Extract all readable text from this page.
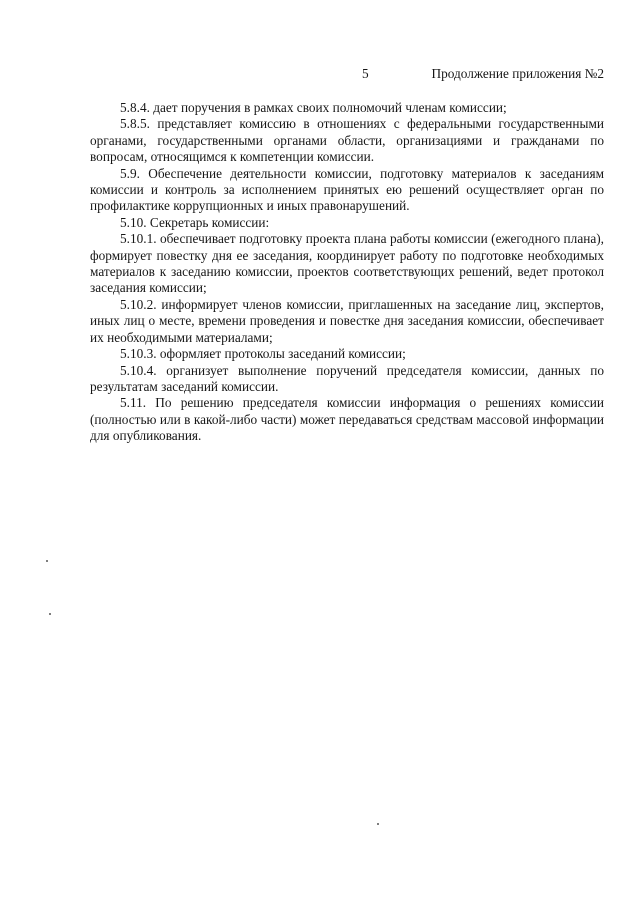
5	Продолжение приложения №2

5.8.4. дает поручения в рамках своих полномочий членам комиссии;

5.8.5. представляет комиссию в отношениях с федеральными государственными органами, государственными органами области, организациями и гражданами по вопросам, относящимся к компетенции комиссии.

5.9. Обеспечение деятельности комиссии, подготовку материалов к заседаниям комиссии и контроль за исполнением принятых ею решений осуществляет орган по профилактике коррупционных и иных правонарушений.

5.10. Секретарь комиссии:

5.10.1. обеспечивает подготовку проекта плана работы комиссии (ежегодного плана), формирует повестку дня ее заседания, координирует работу по подготовке необходимых материалов к заседанию комиссии, проектов соответствующих решений, ведет протокол заседания комиссии;

5.10.2. информирует членов комиссии, приглашенных на заседание лиц, экспертов, иных лиц о месте, времени проведения и повестке дня заседания комиссии, обеспечивает их необходимыми материалами;

5.10.3. оформляет протоколы заседаний комиссии;

5.10.4. организует выполнение поручений председателя комиссии, данных по результатам заседаний комиссии.

5.11. По решению председателя комиссии информация о решениях комиссии (полностью или в какой-либо части) может передаваться средствам массовой информации для опубликования.
